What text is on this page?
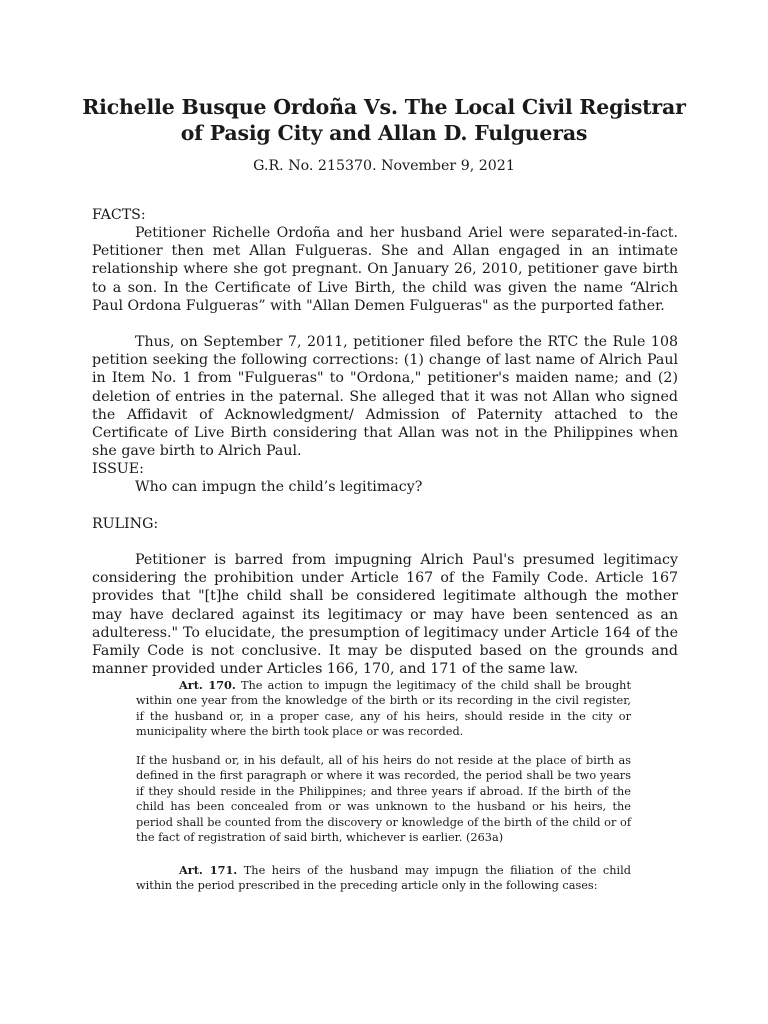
Richelle Busque Ordoña Vs. The Local Civil Registrar of Pasig City and Allan D. Fulgueras

G.R. No. 215370. November 9, 2021

FACTS:

Petitioner Richelle Ordoña and her husband Ariel were separated-in-fact. Petitioner then met Allan Fulgueras. She and Allan engaged in an intimate relationship where she got pregnant. On January 26, 2010, petitioner gave birth to a son. In the Certificate of Live Birth, the child was given the name “Alrich Paul Ordona Fulgueras” with "Allan Demen Fulgueras" as the purported father.

Thus, on September 7, 2011, petitioner filed before the RTC the Rule 108 petition seeking the following corrections: (1) change of last name of Alrich Paul in Item No. 1 from "Fulgueras" to "Ordona," petitioner's maiden name; and (2) deletion of entries in the paternal. She alleged that it was not Allan who signed the Affidavit of Acknowledgment/ Admission of Paternity attached to the Certificate of Live Birth considering that Allan was not in the Philippines when she gave birth to Alrich Paul.

ISSUE:

Who can impugn the child’s legitimacy?

RULING:

Petitioner is barred from impugning Alrich Paul's presumed legitimacy considering the prohibition under Article 167 of the Family Code. Article 167 provides that "[t]he child shall be considered legitimate although the mother may have declared against its legitimacy or may have been sentenced as an adulteress." To elucidate, the presumption of legitimacy under Article 164 of the Family Code is not conclusive. It may be disputed based on the grounds and manner provided under Articles 166, 170, and 171 of the same law.

Art. 170. The action to impugn the legitimacy of the child shall be brought within one year from the knowledge of the birth or its recording in the civil register, if the husband or, in a proper case, any of his heirs, should reside in the city or municipality where the birth took place or was recorded.

If the husband or, in his default, all of his heirs do not reside at the place of birth as defined in the first paragraph or where it was recorded, the period shall be two years if they should reside in the Philippines; and three years if abroad. If the birth of the child has been concealed from or was unknown to the husband or his heirs, the period shall be counted from the discovery or knowledge of the birth of the child or of the fact of registration of said birth, whichever is earlier. (263a)

Art. 171. The heirs of the husband may impugn the filiation of the child within the period prescribed in the preceding article only in the following cases:
